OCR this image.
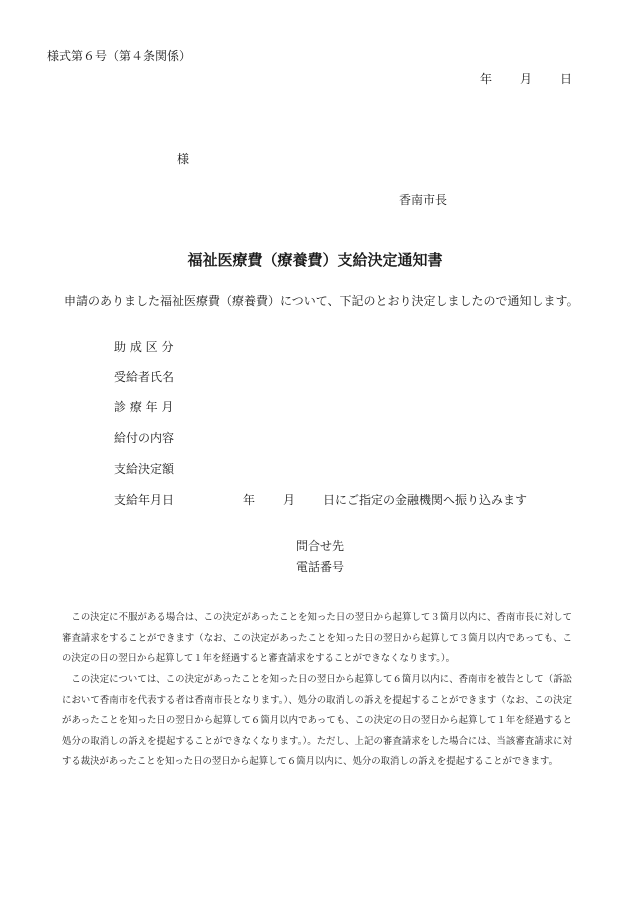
様式第６号（第４条関係）
年 月 日
様
香南市長
福祉医療費（療養費）支給決定通知書
申請のありました福祉医療費（療養費）について、下記のとおり決定しましたので通知します。
助 成 区 分
受給者氏名
診 療 年 月
給付の内容
支給決定額
支給年月日	年 月 日にご指定の金融機関へ振り込みます
問合せ先
電話番号

この決定に不服がある場合は、この決定があったことを知った日の翌日から起算して３箇月以内に、香南市長に対して審査請求をすることができます（なお、この決定があったことを知った日の翌日から起算して３箇月以内であっても、この決定の日の翌日から起算して１年を経過すると審査請求をすることができなくなります。）。

この決定については、この決定があったことを知った日の翌日から起算して６箇月以内に、香南市を被告として（訴訟において香南市を代表する者は香南市長となります。）、処分の取消しの訴えを提起することができます（なお、この決定があったことを知った日の翌日から起算して６箇月以内であっても、この決定の日の翌日から起算して１年を経過すると処分の取消しの訴えを提起することができなくなります。）。ただし、上記の審査請求をした場合には、当該審査請求に対する裁決があったことを知った日の翌日から起算して６箇月以内に、処分の取消しの訴えを提起することができます。
